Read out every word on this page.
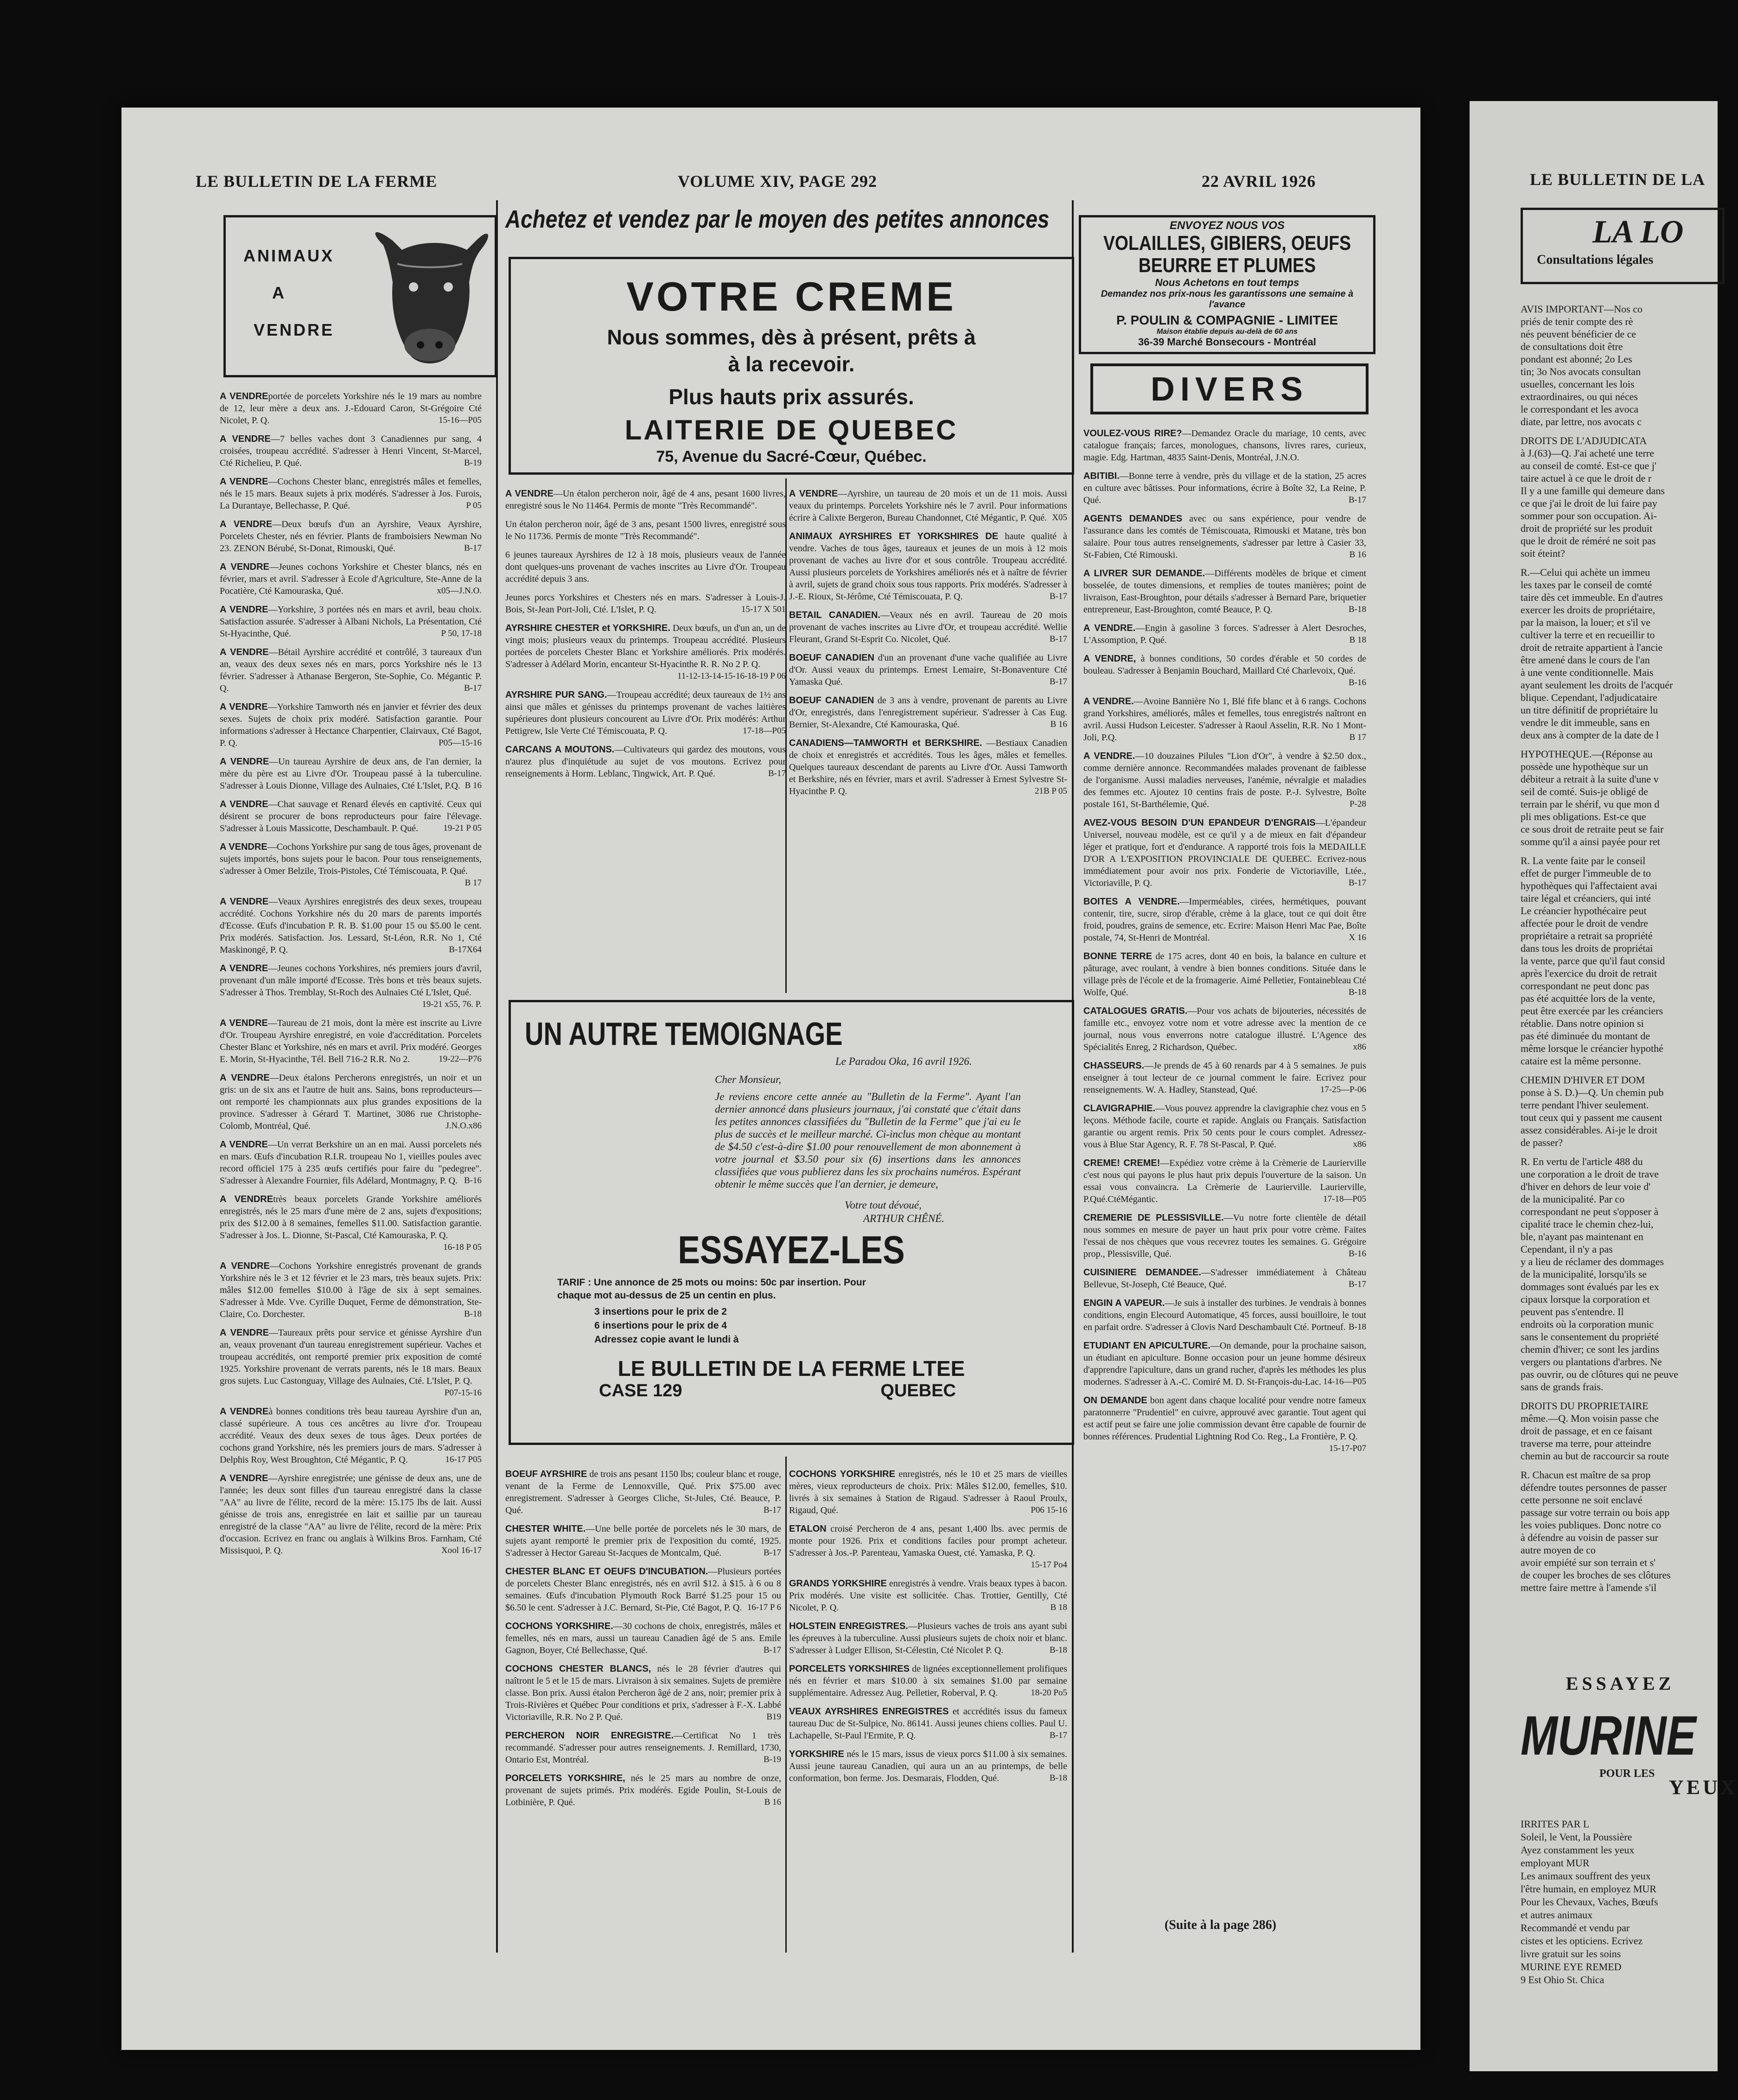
LE BULLETIN DE LA FERME	VOLUME XIV, PAGE 292	22 AVRIL 1926
Achetez et vendez par le moyen des petites annonces
ANIMAUX
A
VENDRE
A VENDREportée de porcelets Yorkshire nés le 19 mars au nombre de 12, leur mère a deux ans. J.-Edouard Caron, St-Grégoire Cté Nicolet, P. Q.	15-16—P05
A VENDRE—7 belles vaches dont 3 Canadiennes pur sang, 4 croisées, troupeau accrédité. S'adresser à Henri Vincent, St-Marcel, Cté Richelieu, P. Qué.	B-19
A VENDRE—Cochons Chester blanc, enregistrés mâles et femelles, nés le 15 mars. Beaux sujets à prix modérés. S'adresser à Jos. Furois, La Durantaye, Bellechasse, P. Qué.	P 05
A VENDRE—Deux bœufs d'un an Ayrshire, Veaux Ayrshire, Porcelets Chester, nés en février. Plants de framboisiers Newman No 23. ZENON Bérubé, St-Donat, Rimouski, Qué.	B-17
A VENDRE—Jeunes cochons Yorkshire et Chester blancs, nés en février, mars et avril. S'adresser à Ecole d'Agriculture, Ste-Anne de la Pocatière, Cté Kamouraska, Qué.	x05—J.N.O.
A VENDRE—Yorkshire, 3 portées nés en mars et avril, beau choix. Satisfaction assurée. S'adresser à Albani Nichols, La Présentation, Cté St-Hyacinthe, Qué.	P 50, 17-18
A VENDRE—Bétail Ayrshire accrédité et contrôlé, 3 taureaux d'un an, veaux des deux sexes nés en mars, porcs Yorkshire nés le 13 février. S'adresser à Athanase Bergeron, Ste-Sophie, Co. Mégantic P. Q.	B-17
A VENDRE—Yorkshire Tamworth nés en janvier et février des deux sexes. Sujets de choix prix modéré. Satisfaction garantie. Pour informations s'adresser à Hectance Charpentier, Clairvaux, Cté Bagot, P. Q.	P05—15-16
A VENDRE—Un taureau Ayrshire de deux ans, de l'an dernier, la mère du père est au Livre d'Or. Troupeau passé à la tuberculine. S'adresser à Louis Dionne, Village des Aulnaies, Cté L'Islet, P.Q. B 16
A VENDRE—Chat sauvage et Renard élevés en captivité. Ceux qui désirent se procurer de bons reproducteurs pour faire l'élevage. S'adresser à Louis Massicotte, Deschambault. P. Qué.	19-21 P 05
A VENDRE—Cochons Yorkshire pur sang de tous âges, provenant de sujets importés, bons sujets pour le bacon. Pour tous renseignements, s'adresser à Omer Belzile, Trois-Pistoles, Cté Témiscouata, P. Qué.
B 17
A VENDRE—Veaux Ayrshires enregistrés des deux sexes, troupeau accrédité. Cochons Yorkshire nés du 20 mars de parents importés d'Ecosse. Œufs d'incubation P. R. B. $1.00 pour 15 ou $5.00 le cent. Prix modérés. Satisfaction. Jos. Lessard, St-Léon, R.R. No 1, Cté Maskinongé, P. Q.	B-17X64
A VENDRE—Jeunes cochons Yorkshires, nés premiers jours d'avril, provenant d'un mâle importé d'Ecosse. Très bons et très beaux sujets. S'adresser à Thos. Tremblay, St-Roch des Aulnaies Cté L'Islet, Qué.
19-21 x55, 76. P.
A VENDRE—Taureau de 21 mois, dont la mère est inscrite au Livre d'Or. Troupeau Ayrshire enregistré, en voie d'accréditation. Porcelets Chester Blanc et Yorkshire, nés en mars et avril. Prix modéré. Georges E. Morin, St-Hyacinthe, Tél. Bell 716-2 R.R. No 2.	19-22—P76
A VENDRE—Deux étalons Percherons enregistrés, un noir et un gris: un de six ans et l'autre de huit ans. Sains, bons reproducteurs—ont remporté les championnats aux plus grandes expositions de la province. S'adresser à Gérard T. Martinet, 3086 rue Christophe-Colomb, Montréal, Qué.	J.N.O.x86
A VENDRE—Un verrat Berkshire un an en mai. Aussi porcelets nés en mars. Œufs d'incubation R.I.R. troupeau No 1, vieilles poules avec record officiel 175 à 235 œufs certifiés pour faire du "pedegree". S'adresser à Alexandre Fournier, fils Adélard, Montmagny, P. Q. B-16
A VENDREtrès beaux porcelets Grande Yorkshire améliorés enregistrés, nés le 25 mars d'une mère de 2 ans, sujets d'expositions; prix des $12.00 à 8 semaines, femelles $11.00. Satisfaction garantie. S'adresser à Jos. L. Dionne, St-Pascal, Cté Kamouraska, P. Q.
16-18 P 05
A VENDRE—Cochons Yorkshire enregistrés provenant de grands Yorkshire nés le 3 et 12 février et le 23 mars, très beaux sujets. Prix: mâles $12.00 femelles $10.00 à l'âge de six à sept semaines. S'adresser à Mde. Vve. Cyrille Duquet, Ferme de démonstration, Ste-Claire, Co. Dorchester.	B-18
A VENDRE—Taureaux prêts pour service et génisse Ayrshire d'un an, veaux provenant d'un taureau enregistrement supérieur. Vaches et troupeau accrédités, ont remporté premier prix exposition de comté 1925. Yorkshire provenant de verrats parents, nés le 18 mars. Beaux gros sujets. Luc Castonguay, Village des Aulnaies, Cté. L'Islet, P. Q.
P07-15-16
A VENDREà bonnes conditions très beau taureau Ayrshire d'un an, classé supérieure. A tous ces ancêtres au livre d'or. Troupeau accrédité. Veaux des deux sexes de tous âges. Deux portées de cochons grand Yorkshire, nés les premiers jours de mars. S'adresser à Delphis Roy, West Broughton, Cté Mégantic, P. Q.	16-17 P05
A VENDRE—Ayrshire enregistrée; une génisse de deux ans, une de l'année; les deux sont filles d'un taureau enregistré dans la classe "AA" au livre de l'élite, record de la mère: 15.175 lbs de lait. Aussi génisse de trois ans, enregistrée en lait et saillie par un taureau enregistré de la classe "AA" au livre de l'élite, record de la mère: Prix d'occasion. Ecrivez en franc ou anglais à Wilkins Bros. Farnham, Cté Missisquoi, P. Q.	Xool 16-17
VOTRE CREME
Nous sommes, dès à présent, prêts à
à la recevoir.
Plus hauts prix assurés.
LAITERIE DE QUEBEC
75, Avenue du Sacré-Cœur, Québec.
A VENDRE—Un étalon percheron noir, âgé de 4 ans, pesant 1600 livres, enregistré sous le No 11464. Permis de monte "Très Recommandé".
Un étalon percheron noir, âgé de 3 ans, pesant 1500 livres, enregistré sous le No 11736. Permis de monte "Très Recommandé".
6 jeunes taureaux Ayrshires de 12 à 18 mois, plusieurs veaux de l'année dont quelques-uns provenant de vaches inscrites au Livre d'Or. Troupeau accrédité depuis 3 ans.
Jeunes porcs Yorkshires et Chesters nés en mars. S'adresser à Louis-J. Bois, St-Jean Port-Joli, Cté. L'Islet, P. Q.	15-17 X 501
AYRSHIRE CHESTER et YORKSHIRE. Deux bœufs, un d'un an, un de vingt mois; plusieurs veaux du printemps. Troupeau accrédité. Plusieurs portées de porcelets Chester Blanc et Yorkshire améliorés. Prix modérés. S'adresser à Adélard Morin, encanteur St-Hyacinthe R. R. No 2 P. Q.
11-12-13-14-15-16-18-19 P 06
AYRSHIRE PUR SANG.—Troupeau accrédité; deux taureaux de 1½ ans ainsi que mâles et génisses du printemps provenant de vaches laitières supérieures dont plusieurs concourent au Livre d'Or. Prix modérés: Arthur Pettigrew, Isle Verte Cté Témiscouata, P. Q.	17-18—P05
CARCANS A MOUTONS.—Cultivateurs qui gardez des moutons, vous n'aurez plus d'inquiétude au sujet de vos moutons. Ecrivez pour renseignements à Horm. Leblanc, Tingwick, Art. P. Qué.	B-17
A VENDRE—Ayrshire, un taureau de 20 mois et un de 11 mois. Aussi veaux du printemps. Porcelets Yorkshire nés le 7 avril. Pour informations écrire à Calixte Bergeron, Bureau Chandonnet, Cté Mégantic, P. Qué. X05
ANIMAUX AYRSHIRES ET YORKSHIRES DE haute qualité à vendre. Vaches de tous âges, taureaux et jeunes de un mois à 12 mois provenant de vaches au livre d'or et sous contrôle. Troupeau accrédité. Aussi plusieurs porcelets de Yorkshires améliorés nés et à naître de février à avril, sujets de grand choix sous tous rapports. Prix modérés. S'adresser à J.-E. Rioux, St-Jérôme, Cté Témiscouata, P. Q.	B-17
BETAIL CANADIEN.—Veaux nés en avril. Taureau de 20 mois provenant de vaches inscrites au Livre d'Or, et troupeau accrédité. Wellie Fleurant, Grand St-Esprit Co. Nicolet, Qué.	B-17
BOEUF CANADIEN d'un an provenant d'une vache qualifiée au Livre d'Or. Aussi veaux du printemps. Ernest Lemaire, St-Bonaventure Cté Yamaska Qué.	B-17
BOEUF CANADIEN de 3 ans à vendre, provenant de parents au Livre d'Or, enregistrés, dans l'enregistrement supérieur. S'adresser à Cas Eug. Bernier, St-Alexandre, Cté Kamouraska, Qué.	B 16
CANADIENS—TAMWORTH et BERKSHIRE. —Bestiaux Canadien de choix et enregistrés et accrédités. Tous les âges, mâles et femelles. Quelques taureaux descendant de parents au Livre d'Or. Aussi Tamworth et Berkshire, nés en février, mars et avril. S'adresser à Ernest Sylvestre St-Hyacinthe P. Q.	21B P 05
UN AUTRE TEMOIGNAGE
Le Paradou Oka, 16 avril 1926.
Cher Monsieur,
Je reviens encore cette année au "Bulletin de la Ferme". Ayant l'an dernier annoncé dans plusieurs journaux, j'ai constaté que c'était dans les petites annonces classifiées du "Bulletin de la Ferme" que j'ai eu le plus de succès et le meilleur marché. Ci-inclus mon chèque au montant de $4.50 c'est-à-dire $1.00 pour renouvellement de mon abonnement à votre journal et $3.50 pour six (6) insertions dans les annonces classifiées que vous publierez dans les six prochains numéros. Espérant obtenir le même succès que l'an dernier, je demeure,
Votre tout dévoué,
ARTHUR CHÊNÉ.
ESSAYEZ-LES
TARIF : Une annonce de 25 mots ou moins: 50c par insertion. Pour chaque mot au-dessus de 25 un centin en plus.
3 insertions pour le prix de 2
6 insertions pour le prix de 4
Adressez copie avant le lundi à
LE BULLETIN DE LA FERME LTEE
CASE 129	QUEBEC
BOEUF AYRSHIRE de trois ans pesant 1150 lbs; couleur blanc et rouge, venant de la Ferme de Lennoxville, Qué. Prix $75.00 avec enregistrement. S'adresser à Georges Cliche, St-Jules, Cté. Beauce, P. Qué.	B-17
CHESTER WHITE.—Une belle portée de porcelets nés le 30 mars, de sujets ayant remporté le premier prix de l'exposition du comté, 1925. S'adresser à Hector Gareau St-Jacques de Montcalm, Qué.	B-17
CHESTER BLANC ET OEUFS D'INCUBATION.—Plusieurs portées de porcelets Chester Blanc enregistrés, nés en avril $12. à $15. à 6 ou 8 semaines. Œufs d'incubation Plymouth Rock Barré $1.25 pour 15 ou $6.50 le cent. S'adresser à J.C. Bernard, St-Pie, Cté Bagot, P. Q. 16-17 P 6
COCHONS YORKSHIRE.—30 cochons de choix, enregistrés, mâles et femelles, nés en mars, aussi un taureau Canadien âgé de 5 ans. Emile Gagnon, Boyer, Cté Bellechasse, Qué.	B-17
COCHONS CHESTER BLANCS, nés le 28 février d'autres qui naîtront le 5 et le 15 de mars. Livraison à six semaines. Sujets de première classe. Bon prix. Aussi étalon Percheron âgé de 2 ans, noir; premier prix à Trois-Rivières et Québec Pour conditions et prix, s'adresser à F.-X. Labbé Victoriaville, R.R. No 2 P. Qué.	B19
PERCHERON NOIR ENREGISTRE.—Certificat No 1 très recommandé. S'adresser pour autres renseignements. J. Remillard, 1730, Ontario Est, Montréal.	B-19
PORCELETS YORKSHIRE, nés le 25 mars au nombre de onze, provenant de sujets primés. Prix modérés. Egide Poulin, St-Louis de Lotbinière, P. Qué.	B 16
COCHONS YORKSHIRE enregistrés, nés le 10 et 25 mars de vieilles mères, vieux reproducteurs de choix. Prix: Mâles $12.00, femelles, $10. livrés à six semaines à Station de Rigaud. S'adresser à Raoul Proulx, Rigaud, Qué.	P06 15-16
ETALON croisé Percheron de 4 ans, pesant 1,400 lbs. avec permis de monte pour 1926. Prix et conditions faciles pour prompt acheteur. S'adresser à Jos.-P. Parenteau, Yamaska Ouest, cté. Yamaska, P. Q.
15-17 Po4
GRANDS YORKSHIRE enregistrés à vendre. Vrais beaux types à bacon. Prix modérés. Une visite est sollicitée. Chas. Trottier, Gentilly, Cté Nicolet, P. Q.	B 18
HOLSTEIN ENREGISTRES.—Plusieurs vaches de trois ans ayant subi les épreuves à la tuberculine. Aussi plusieurs sujets de choix noir et blanc. S'adresser à Ludger Ellison, St-Célestin, Cté Nicolet P. Q.	B-18
PORCELETS YORKSHIRES de lignées exceptionnellement prolifiques nés en février et mars $10.00 à six semaines $1.00 par semaine supplémentaire. Adressez Aug. Pelletier, Roberval, P. Q.	18-20 Po5
VEAUX AYRSHIRES ENREGISTRES et accrédités issus du fameux taureau Duc de St-Sulpice, No. 86141. Aussi jeunes chiens collies. Paul U. Lachapelle, St-Paul l'Ermite, P. Q.	B-17
YORKSHIRE nés le 15 mars, issus de vieux porcs $11.00 à six semaines. Aussi jeune taureau Canadien, qui aura un an au printemps, de belle conformation, bon ferme. Jos. Desmarais, Flodden, Qué.	B-18
ENVOYEZ NOUS VOS
VOLAILLES, GIBIERS, OEUFS
BEURRE ET PLUMES
Nous Achetons en tout temps
Demandez nos prix-nous les garantissons une semaine à l'avance
P. POULIN & COMPAGNIE - LIMITEE
Maison établie depuis au-delà de 60 ans
36-39 Marché Bonsecours - Montréal
DIVERS
VOULEZ-VOUS RIRE?—Demandez Oracle du mariage, 10 cents, avec catalogue français; farces, monologues, chansons, livres rares, curieux, magie. Edg. Hartman, 4835 Saint-Denis, Montréal, J.N.O.
ABITIBI.—Bonne terre à vendre, près du village et de la station, 25 acres en culture avec bâtisses. Pour informations, écrire à Boîte 32, La Reine, P. Qué.	B-17
AGENTS DEMANDES avec ou sans expérience, pour vendre de l'assurance dans les comtés de Témiscouata, Rimouski et Matane, très bon salaire. Pour tous autres renseignements, s'adresser par lettre à Casier 33, St-Fabien, Cté Rimouski.	B 16
A LIVRER SUR DEMANDE.—Différents modèles de brique et ciment bosselée, de toutes dimensions, et remplies de toutes manières; point de livraison, East-Broughton, pour détails s'adresser à Bernard Pare, briquetier entrepreneur, East-Broughton, comté Beauce, P. Q.	B-18
A VENDRE.—Engin à gasoline 3 forces. S'adresser à Alert Desroches, L'Assomption, P. Qué.	B 18
A VENDRE, à bonnes conditions, 50 cordes d'érable et 50 cordes de bouleau. S'adresser à Benjamin Bouchard, Maillard Cté Charlevoix, Qué.
B-16
A VENDRE.—Avoine Bannière No 1, Blé fife blanc et à 6 rangs. Cochons grand Yorkshires, améliorés, mâles et femelles, tous enregistrés naîtront en avril. Aussi Hudson Leicester. S'adresser à Raoul Asselin, R.R. No 1 Mont-Joli, P.Q.	B 17
A VENDRE.—10 douzaines Pilules "Lion d'Or", à vendre à $2.50 dox., comme dernière annonce. Recommandées malades provenant de faiblesse de l'organisme. Aussi maladies nerveuses, l'anémie, névralgie et maladies des femmes etc. Ajoutez 10 centins frais de poste. P.-J. Sylvestre, Boîte postale 161, St-Barthélemie, Qué.	P-28
AVEZ-VOUS BESOIN D'UN EPANDEUR D'ENGRAIS—L'épandeur Universel, nouveau modèle, est ce qu'il y a de mieux en fait d'épandeur léger et pratique, fort et d'endurance. A rapporté trois fois la MEDAILLE D'OR A L'EXPOSITION PROVINCIALE DE QUEBEC. Ecrivez-nous immédiatement pour avoir nos prix. Fonderie de Victoriaville, Ltée., Victoriaville, P. Q.	B-17
BOITES A VENDRE.—Imperméables, cirées, hermétiques, pouvant contenir, tire, sucre, sirop d'érable, crème à la glace, tout ce qui doit être froid, poudres, grains de semence, etc. Ecrire: Maison Henri Mac Pae, Boîte postale, 74, St-Henri de Montréal.	X 16
BONNE TERRE de 175 acres, dont 40 en bois, la balance en culture et pâturage, avec roulant, à vendre à bien bonnes conditions. Située dans le village près de l'école et de la fromagerie. Aimé Pelletier, Fontainebleau Cté Wolfe, Qué.	B-18
CATALOGUES GRATIS.—Pour vos achats de bijouteries, nécessités de famille etc., envoyez votre nom et votre adresse avec la mention de ce journal, nous vous enverrons notre catalogue illustré. L'Agence des Spécialités Enreg, 2 Richardson, Québec.	x86
CHASSEURS.—Je prends de 45 à 60 renards par 4 à 5 semaines. Je puis enseigner à tout lecteur de ce journal comment le faire. Ecrivez pour renseignements. W. A. Hadley, Stanstead, Qué.	17-25—P-06
CLAVIGRAPHIE.—Vous pouvez apprendre la clavigraphie chez vous en 5 leçons. Méthode facile, courte et rapide. Anglais ou Français. Satisfaction garantie ou argent remis. Prix 50 cents pour le cours complet. Adressez-vous à Blue Star Agency, R. F. 78 St-Pascal, P. Qué.	x86
CREME! CREME!—Expédiez votre crème à la Crèmerie de Laurierville c'est nous qui payons le plus haut prix depuis l'ouverture de la saison. Un essai vous convaincra. La Crèmerie de Laurierville. Laurierville, P.Qué.CtéMégantic.	17-18—P05
CREMERIE DE PLESSISVILLE.—Vu notre forte clientèle de détail nous sommes en mesure de payer un haut prix pour votre crème. Faites l'essai de nos chèques que vous recevrez toutes les semaines. G. Grégoire prop., Plessisville, Qué.	B-16
CUISINIERE DEMANDEE.—S'adresser immédiatement à Château Bellevue, St-Joseph, Cté Beauce, Qué.	B-17
ENGIN A VAPEUR.—Je suis à installer des turbines. Je vendrais à bonnes conditions, engin Elecourd Automatique, 45 forces, aussi bouilloire, le tout en parfait ordre. S'adresser à Clovis Nard Deschambault Cté. Portneuf. B-18
ETUDIANT EN APICULTURE.—On demande, pour la prochaine saison, un étudiant en apiculture. Bonne occasion pour un jeune homme désireux d'apprendre l'apiculture, dans un grand rucher, d'après les méthodes les plus modernes. S'adresser à A.-C. Comiré M. D. St-François-du-Lac. 14-16—P05
ON DEMANDE bon agent dans chaque localité pour vendre notre fameux paratonnerre "Prudentiel" en cuivre, approuvé avec garantie. Tout agent qui est actif peut se faire une jolie commission devant être capable de fournir de bonnes références. Prudential Lightning Rod Co. Reg., La Frontière, P. Q.
15-17-P07
(Suite à la page 286)
LE BULLETIN DE LA
LA LO
Consultations légales
AVIS IMPORTANT—Nos co
priés de tenir compte des rè
nés peuvent bénéficier de ce
de consultations doit être
pondant est abonné; 2o Les
tin; 3o Nos avocats consultan
usuelles, concernant les lois
extraordinaires, ou qui néces
le correspondant et les avoca
diate, par lettre, nos avocats c
DROITS DE L'ADJUDICATA
à J.(63)—Q. J'ai acheté une terre
au conseil de comté. Est-ce que j'
taire actuel à ce que le droit de r
Il y a une famille qui demeure dans
ce que j'ai le droit de lui faire pay
sommer pour son occupation. Ai-
droit de propriété sur les produit
que le droit de réméré ne soit pas
soit éteint?
R.—Celui qui achète un immeu
les taxes par le conseil de comté
taire dès cet immeuble. En d'autres
exercer les droits de propriétaire,
par la maison, la louer; et s'il ve
cultiver la terre et en recueillir to
droit de retraite appartient à l'ancie
être amené dans le cours de l'an
à une vente conditionnelle. Mais
ayant seulement les droits de l'acquér
blique. Cependant, l'adjudicataire
un titre définitif de propriétaire lu
vendre le dit immeuble, sans en
deux ans à compter de la date de l
HYPOTHEQUE.—(Réponse au
possède une hypothèque sur un
débiteur a retrait à la suite d'une v
seil de comté. Suis-je obligé de
terrain par le shérif, vu que mon d
pli mes obligations. Est-ce que
ce sous droit de retraite peut se fair
somme qu'il a ainsi payée pour ret
R. La vente faite par le conseil
effet de purger l'immeuble de to
hypothèques qui l'affectaient avai
taire légal et créanciers, qui inté
Le créancier hypothécaire peut
affectée pour le droit de vendre
propriétaire a retrait sa propriété
dans tous les droits de propriétai
la vente, parce que qu'il faut consid
après l'exercice du droit de retrait
correspondant ne peut donc pas
pas été acquittée lors de la vente,
peut être exercée par les créanciers
rétablie. Dans notre opinion si
pas été diminuée du montant de
même lorsque le créancier hypothé
cataire est la même personne.
CHEMIN D'HIVER ET DOM
ponse à S. D.)—Q. Un chemin pub
terre pendant l'hiver seulement.
tout ceux qui y passent me causent
assez considérables. Ai-je le droit
de passer?
R. En vertu de l'article 488 du
une corporation a le droit de trave
d'hiver en dehors de leur voie d'
de la municipalité. Par co
correspondant ne peut s'opposer à
cipalité trace le chemin chez-lui,
ble, n'ayant pas maintenant en
Cependant, il n'y a pas
y a lieu de réclamer des dommages
de la municipalité, lorsqu'ils se
dommages sont évalués par les ex
cipaux lorsque la corporation et
peuvent pas s'entendre. Il
endroits où la corporation munic
sans le consentement du propriété
chemin d'hiver; ce sont les jardins
vergers ou plantations d'arbres. Ne
pas ouvrir, ou de clôtures qui ne peuve
sans de grands frais.
DROITS DU PROPRIETAIRE
même.—Q. Mon voisin passe che
droit de passage, et en ce faisant
traverse ma terre, pour atteindre
chemin au but de raccourcir sa route
R. Chacun est maître de sa prop
défendre toutes personnes de passer
cette personne ne soit enclavé
passage sur votre terrain ou bois app
les voies publiques. Donc notre co
à défendre au voisin de passer sur
autre moyen de co
avoir empiété sur son terrain et s'
de couper les broches de ses clôtures
mettre faire mettre à l'amende s'il
ESSAYEZ
MURINE
POUR LES
YEUX
IRRITES PAR L
Soleil, le Vent, la Poussière
Ayez constamment les yeux
employant MUR
Les animaux souffrent des yeux
l'être humain, en employez MUR
Pour les Chevaux, Vaches, Bœufs
et autres animaux
Recommandé et vendu par
cistes et les opticiens. Ecrivez
livre gratuit sur les soins
MURINE EYE REMED
9 Est Ohio St. Chica
